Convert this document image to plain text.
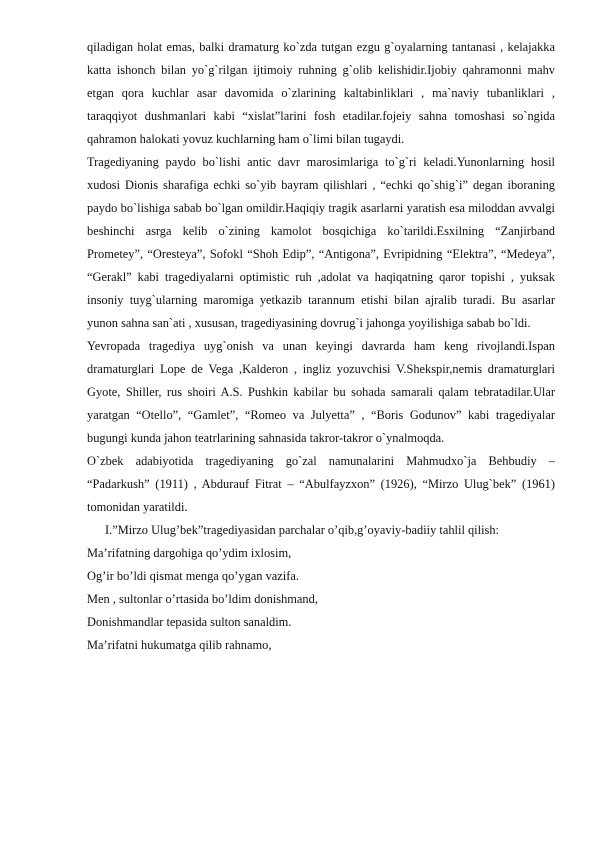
qiladigan holat emas, balki dramaturg ko`zda tutgan ezgu g`oyalarning tantanasi , kelajakka katta ishonch bilan yo`g`rilgan ijtimoiy ruhning g`olib kelishidir.Ijobiy qahramonni mahv etgan qora kuchlar asar davomida o`zlarining kaltabinliklari , ma`naviy tubanliklari , taraqqiyot dushmanlari kabi “xislat”larini fosh etadilar.fojeiy sahna tomoshasi so`ngida qahramon halokati yovuz kuchlarning ham o`limi bilan tugaydi.

Tragediyaning paydo bo`lishi antic davr marosimlariga to`g`ri keladi.Yunonlarning hosil xudosi Dionis sharafiga echki so`yib bayram qilishlari , “echki qo`shig`i” degan iboraning paydo bo`lishiga sabab bo`lgan omildir.Haqiqiy tragik asarlarni yaratish esa miloddan avvalgi beshinchi asrga kelib o`zining kamolot bosqichiga ko`tarildi.Esxilning “Zanjirband Prometey”, “Oresteya”, Sofokl “Shoh Edip”, “Antigona”, Evripidning “Elektra”, “Medeya”, “Gerakl” kabi tragediyalarni optimistic ruh ,adolat va haqiqatning qaror topishi , yuksak insoniy tuyg`ularning maromiga yetkazib tarannum etishi bilan ajralib turadi. Bu asarlar yunon sahna san`ati , xususan, tragediyasining dovrug`i jahonga yoyilishiga sabab bo`ldi.

Yevropada tragediya uyg`onish va unan keyingi davrarda ham keng rivojlandi.Ispan dramaturglari Lope de Vega ,Kalderon , ingliz yozuvchisi V.Shekspir,nemis dramaturglari Gyote, Shiller, rus shoiri A.S. Pushkin kabilar bu sohada samarali qalam tebratadilar.Ular yaratgan “Otello”, “Gamlet”, “Romeo va Julyetta” , “Boris Godunov” kabi tragediyalar bugungi kunda jahon teatrlarining sahnasida takror-takror o`ynalmoqda.

O`zbek adabiyotida tragediyaning go`zal namunalarini Mahmudxo`ja Behbudiy – “Padarkush” (1911) , Abdurauf Fitrat – “Abulfayzxon” (1926), “Mirzo Ulug`bek” (1961) tomonidan yaratildi.

I.”Mirzo Ulug’bek”tragediyasidan parchalar o’qib,g’oyaviy-badiiy tahlil qilish:

Ma’rifatning dargohiga qo’ydim ixlosim,

Og’ir bo’ldi qismat menga qo’ygan vazifa.

Men , sultonlar o’rtasida bo’ldim donishmand,

Donishmandlar tepasida sulton sanaldim.

Ma’rifatni hukumatga qilib rahnamo,
